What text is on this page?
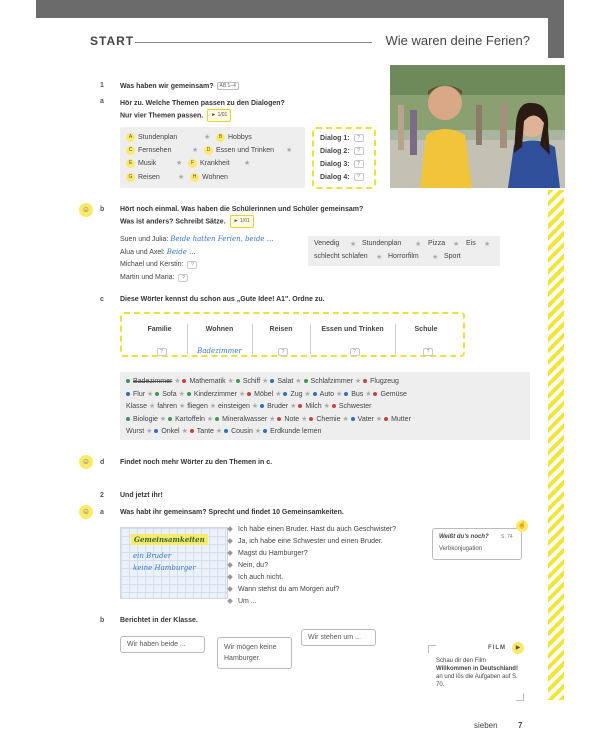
START	Wie waren deine Ferien?
1 Was haben wir gemeinsam? AB 1–4
a Hör zu. Welche Themen passen zu den Dialogen?
Nur vier Themen passen. ► 1/01
A Stundenplan	★	B Hobbys
C Fernsehen	★	D Essen und Trinken ★
E Musik	★	F Krankheit ★
G Reisen	★	H Wohnen
Dialog 1:	?
Dialog 2:	?
Dialog 3:	?
Dialog 4:	?
☺	b Hört noch einmal. Was haben die Schülerinnen und Schüler gemeinsam?
Was ist anders? Schreibt Sätze. ► 1/01
Suen und Julia: Beide hatten Ferien, beide ...
Alua und Axel: Beide ...
Michael und Kerstin: ?
Martin und Maria: ?
Venedig ★ Stundenplan ★ Pizza ★ Eis ★
schlecht schlafen ★ Horrorfilm ★ Sport
c Diese Wörter kennst du schon aus „Gute Idee! A1". Ordne zu.
Familie	Wohnen	Reisen	Essen und Trinken	Schule
?	Badezimmer	?	?	?
Badezimmer ★ Mathematik ★ Schiff ★ Salat ★ Schlafzimmer ★ Flugzeug
Flur ★ Sofa ★ Kinderzimmer ★ Möbel ★ Zug ★ Auto ★ Bus ★ Gemüse
Klasse ★ fahren ★ fliegen ★ einsteigen ★ Bruder ★ Milch ★ Schwester
Biologie ★ Kartoffeln ★ Mineralwasser ★ Note ★ Chemie ★ Vater ★ Mutter
Wurst ★ Onkel ★ Tante ★ Cousin ★ Erdkunde lernen
☺	d Findet noch mehr Wörter zu den Themen in c.
2 Und jetzt ihr!
☺	a Was habt ihr gemeinsam? Sprecht und findet 10 Gemeinsamkeiten.
Gemeinsamkeiten
ein Bruder
keine Hamburger
Ich habe einen Bruder. Hast du auch Geschwister?
Ja, ich habe eine Schwester und einen Bruder.
Magst du Hamburger?
Nein, du?
Ich auch nicht.
Wann stehst du am Morgen auf?
Um ...
Weißt du's noch? S. 74
Verbkonjugation
☝
b Berichtet in der Klasse.
Wir haben beide ...	Wir mögen keine Hamburger.
Wir stehen um ...
FILM	▶
Schau dir den Film Willkommen in Deutschland! an und lös die Aufgaben auf S. 70.
sieben	7
